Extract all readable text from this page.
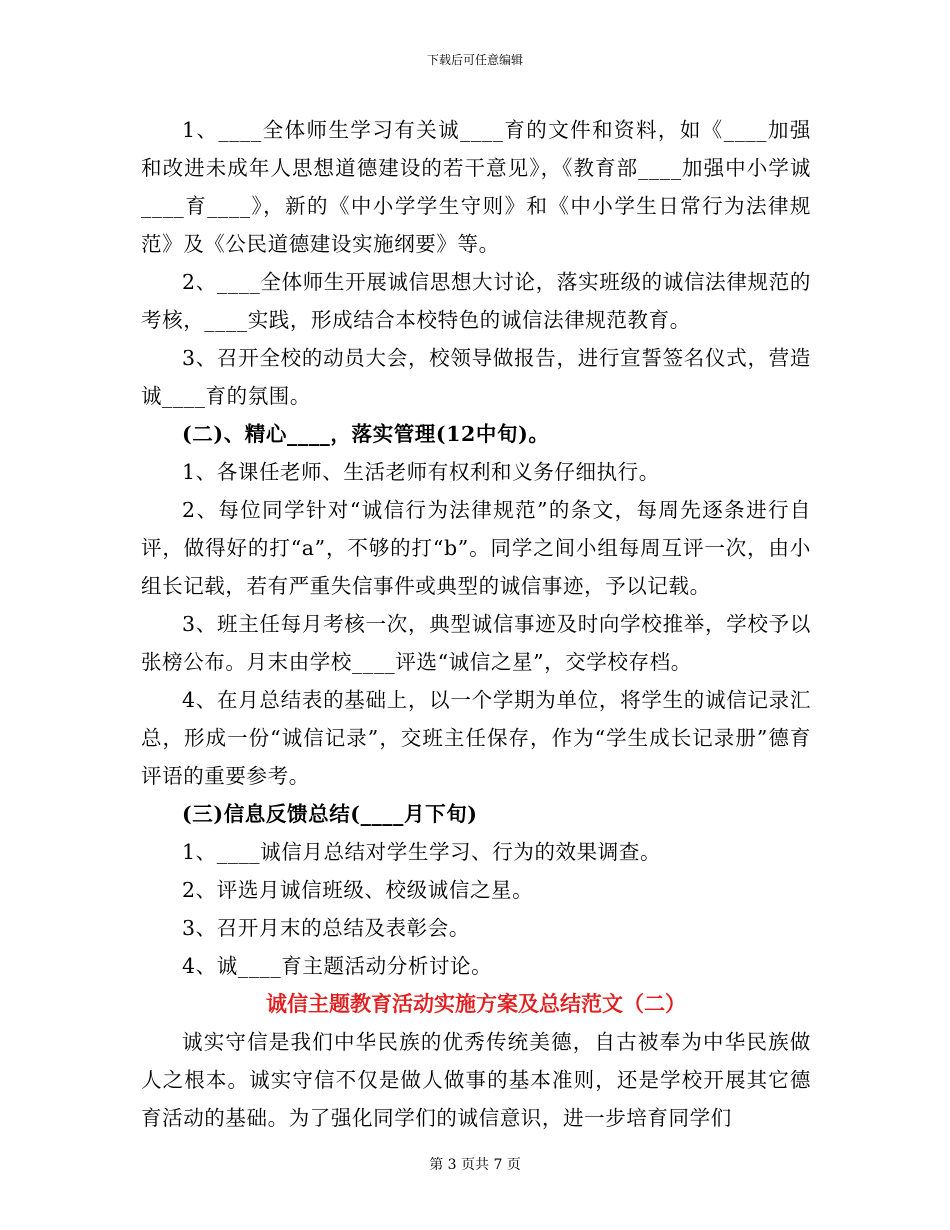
下载后可任意编辑

1、____全体师生学习有关诚____育的文件和资料，如《____加强和改进未成年人思想道德建设的若干意见》，《教育部____加强中小学诚____育____》，新的《中小学学生守则》和《中小学生日常行为法律规范》及《公民道德建设实施纲要》等。

2、____全体师生开展诚信思想大讨论，落实班级的诚信法律规范的考核，____实践，形成结合本校特色的诚信法律规范教育。

3、召开全校的动员大会，校领导做报告，进行宣誓签名仪式，营造诚____育的氛围。

(二)、精心____，落实管理(12中旬)。

1、各课任老师、生活老师有权利和义务仔细执行。

2、每位同学针对“诚信行为法律规范”的条文，每周先逐条进行自评，做得好的打“a”，不够的打“b”。同学之间小组每周互评一次，由小组长记载，若有严重失信事件或典型的诚信事迹，予以记载。

3、班主任每月考核一次，典型诚信事迹及时向学校推举，学校予以张榜公布。月末由学校____评选“诚信之星”，交学校存档。

4、在月总结表的基础上，以一个学期为单位，将学生的诚信记录汇总，形成一份“诚信记录”，交班主任保存，作为“学生成长记录册”德育评语的重要参考。

(三)信息反馈总结(____月下旬)

1、____诚信月总结对学生学习、行为的效果调查。

2、评选月诚信班级、校级诚信之星。

3、召开月末的总结及表彰会。

4、诚____育主题活动分析讨论。

诚信主题教育活动实施方案及总结范文（二）

诚实守信是我们中华民族的优秀传统美德，自古被奉为中华民族做人之根本。诚实守信不仅是做人做事的基本准则，还是学校开展其它德育活动的基础。为了强化同学们的诚信意识，进一步培育同学们

第 3 页共 7 页
